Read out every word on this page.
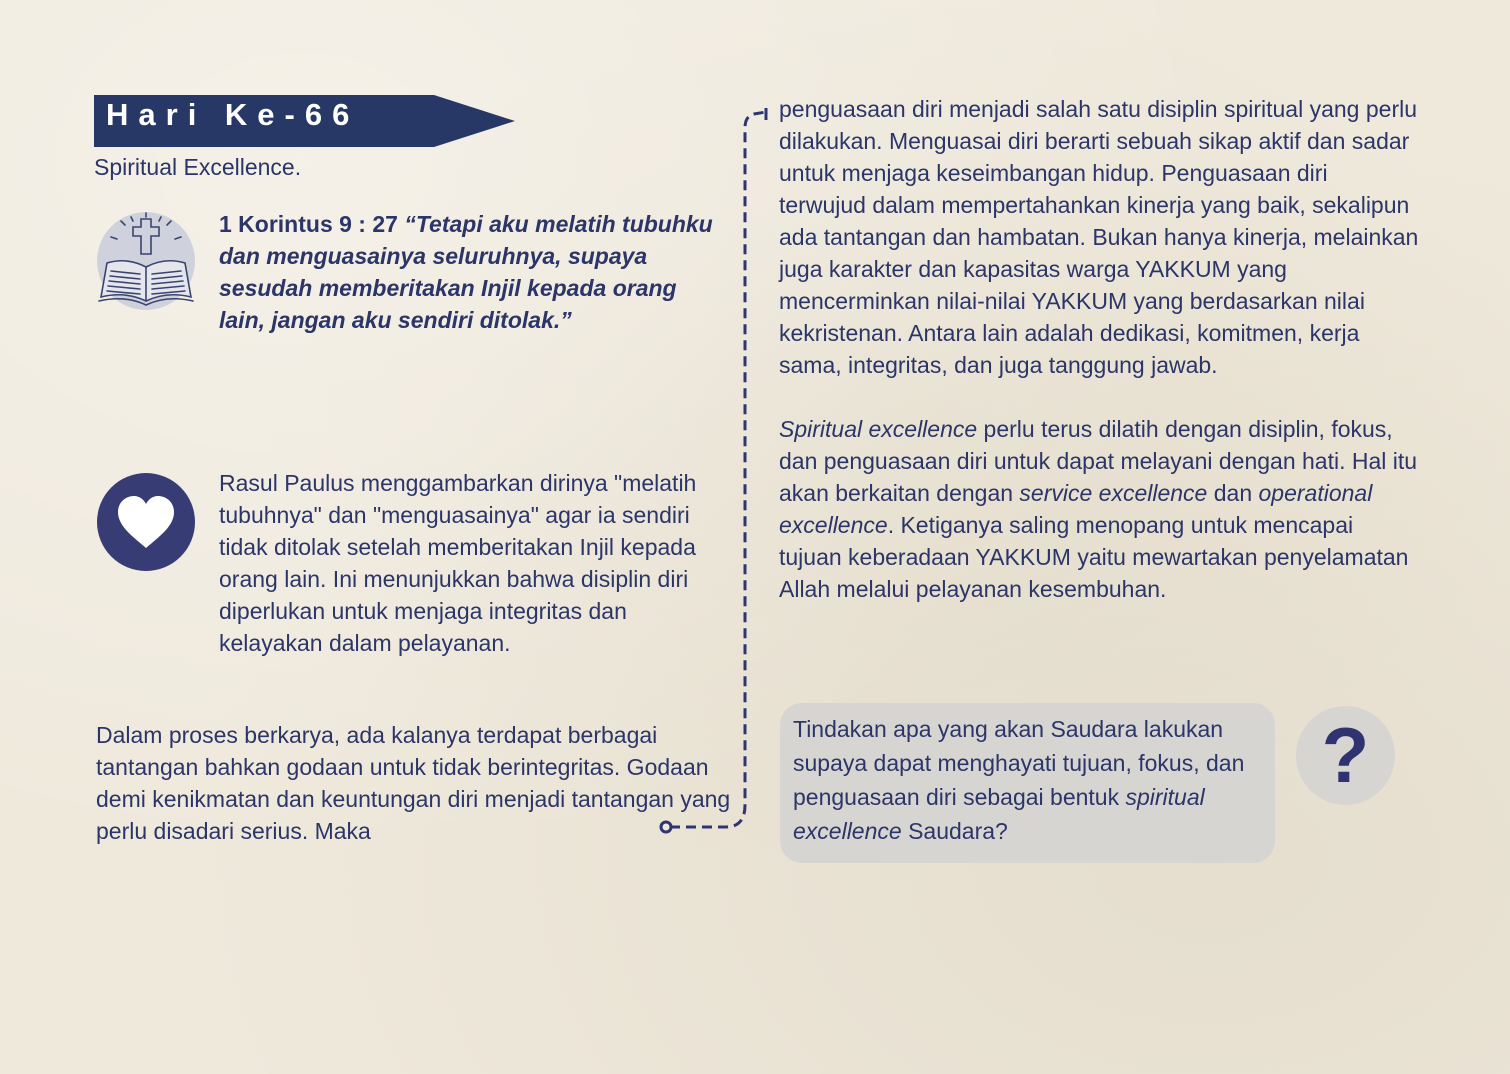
Hari Ke-66
Spiritual Excellence.
1 Korintus 9 : 27 “Tetapi aku melatih tubuhku dan menguasainya seluruhnya, supaya sesudah memberitakan Injil kepada orang lain, jangan aku sendiri ditolak.”
Rasul Paulus menggambarkan dirinya "melatih tubuhnya" dan "menguasainya" agar ia sendiri tidak ditolak setelah memberitakan Injil kepada orang lain. Ini menunjukkan bahwa disiplin diri diperlukan untuk menjaga integritas dan kelayakan dalam pelayanan.
Dalam proses berkarya, ada kalanya terdapat berbagai tantangan bahkan godaan untuk tidak berintegritas. Godaan demi kenikmatan dan keuntungan diri menjadi tantangan yang perlu disadari serius. Maka

penguasaan diri menjadi salah satu disiplin spiritual yang perlu dilakukan. Menguasai diri berarti sebuah sikap aktif dan sadar untuk menjaga keseimbangan hidup. Penguasaan diri terwujud dalam mempertahankan kinerja yang baik, sekalipun ada tantangan dan hambatan. Bukan hanya kinerja, melainkan juga karakter dan kapasitas warga YAKKUM yang mencerminkan nilai-nilai YAKKUM yang berdasarkan nilai kekristenan. Antara lain adalah dedikasi, komitmen, kerja sama, integritas, dan juga tanggung jawab.

Spiritual excellence perlu terus dilatih dengan disiplin, fokus, dan penguasaan diri untuk dapat melayani dengan hati. Hal itu akan berkaitan dengan service excellence dan operational excellence. Ketiganya saling menopang untuk mencapai tujuan keberadaan YAKKUM yaitu mewartakan penyelamatan Allah melalui pelayanan kesembuhan.

Tindakan apa yang akan Saudara lakukan supaya dapat menghayati tujuan, fokus, dan penguasaan diri sebagai bentuk spiritual excellence Saudara?
?
